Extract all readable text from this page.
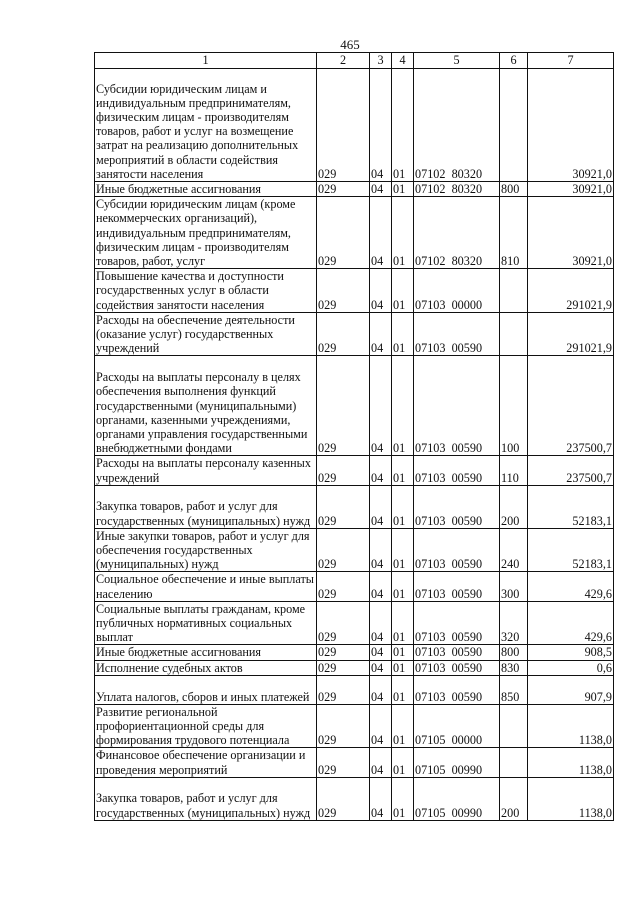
465
1	2	3	4	5	6	7
Субсидии юридическим лицам и индивидуальным предпринимателям, физическим лицам - производителям товаров, работ и услуг на возмещение затрат на реализацию дополнительных мероприятий в области содействия занятости населения	029	04	01	07102  80320		30921,0
Иные бюджетные ассигнования	029	04	01	07102  80320	800	30921,0
Субсидии юридическим лицам (кроме некоммерческих организаций), индивидуальным предпринимателям, физическим лицам - производителям товаров, работ, услуг	029	04	01	07102  80320	810	30921,0
Повышение качества и доступности государственных услуг в области содействия занятости населения	029	04	01	07103  00000		291021,9
Расходы на обеспечение деятельности (оказание услуг) государственных учреждений	029	04	01	07103  00590		291021,9
Расходы на выплаты персоналу в целях обеспечения выполнения функций государственными (муниципальными) органами, казенными учреждениями, органами управления государственными внебюджетными фондами	029	04	01	07103  00590	100	237500,7
Расходы на выплаты персоналу казенных учреждений	029	04	01	07103  00590	110	237500,7
Закупка товаров, работ и услуг для государственных (муниципальных) нужд	029	04	01	07103  00590	200	52183,1
Иные закупки товаров, работ и услуг для обеспечения государственных (муниципальных) нужд	029	04	01	07103  00590	240	52183,1
Социальное обеспечение и иные выплаты населению	029	04	01	07103  00590	300	429,6
Социальные выплаты гражданам, кроме публичных нормативных социальных выплат	029	04	01	07103  00590	320	429,6
Иные бюджетные ассигнования	029	04	01	07103  00590	800	908,5
Исполнение судебных актов	029	04	01	07103  00590	830	0,6
Уплата налогов, сборов и иных платежей	029	04	01	07103  00590	850	907,9
Развитие региональной профориентационной среды для формирования трудового потенциала	029	04	01	07105  00000		1138,0
Финансовое обеспечение организации и проведения мероприятий	029	04	01	07105  00990		1138,0
Закупка товаров, работ и услуг для государственных (муниципальных) нужд	029	04	01	07105  00990	200	1138,0
